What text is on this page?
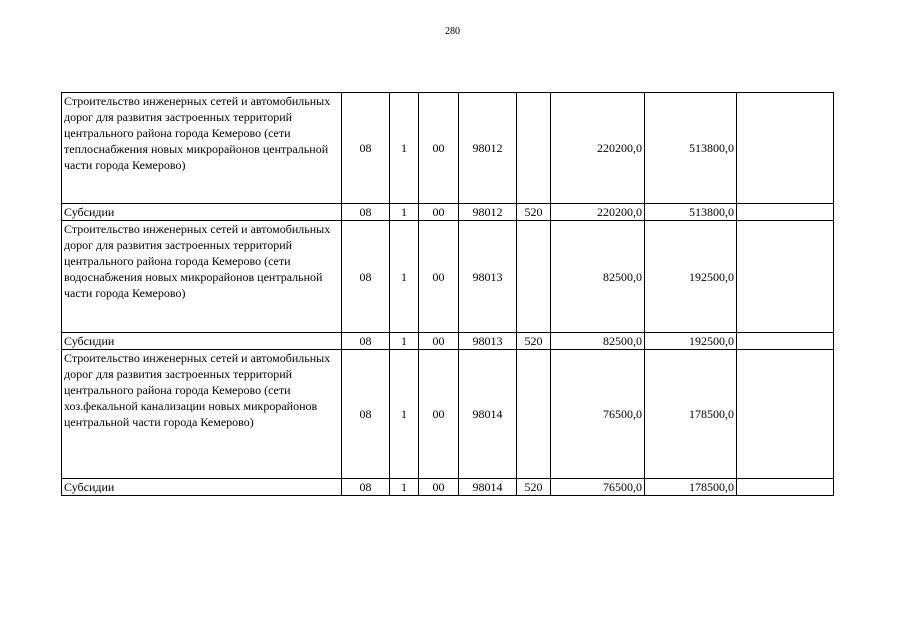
280
Строительство инженерных сетей и автомобильных дорог для развития застроенных территорий центрального района города Кемерово (сети теплоснабжения новых микрорайонов центральной части города Кемерово)	08	1	00	98012		220200,0	513800,0	
Субсидии	08	1	00	98012	520	220200,0	513800,0	
Строительство инженерных сетей и автомобильных дорог для развития застроенных территорий центрального района города Кемерово (сети водоснабжения новых микрорайонов центральной части города Кемерово)	08	1	00	98013		82500,0	192500,0	
Субсидии	08	1	00	98013	520	82500,0	192500,0	
Строительство инженерных сетей и автомобильных дорог для развития застроенных территорий центрального района города Кемерово (сети хоз.фекальной канализации новых микрорайонов центральной части города Кемерово)	08	1	00	98014		76500,0	178500,0	
Субсидии	08	1	00	98014	520	76500,0	178500,0	
